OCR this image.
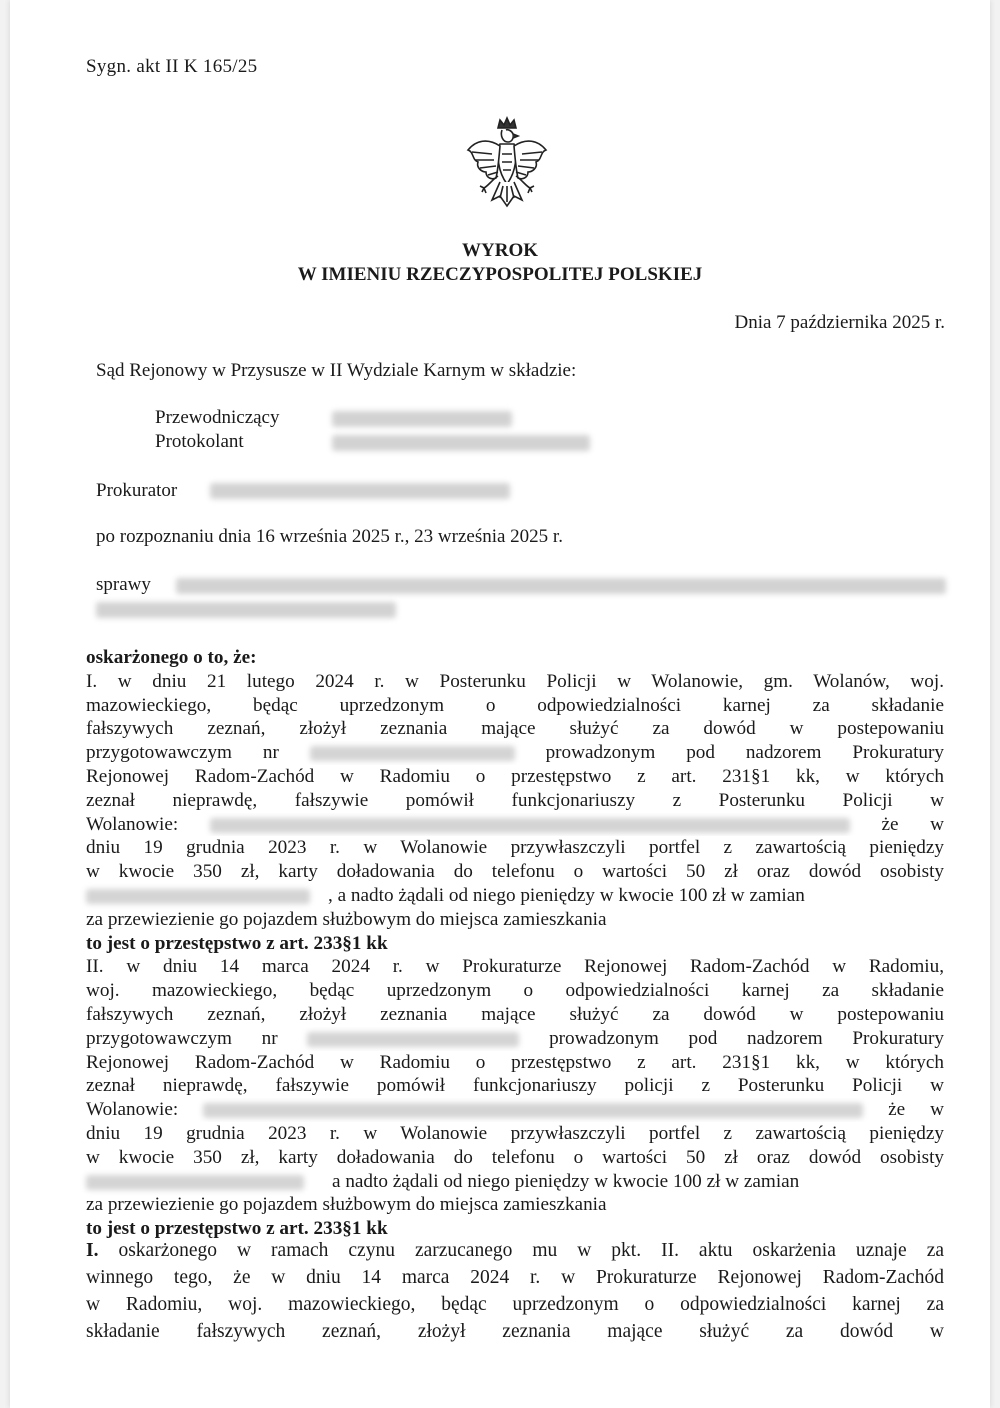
Sygn. akt II K 165/25
WYROK
W IMIENIU RZECZYPOSPOLITEJ POLSKIEJ
Dnia 7 października 2025 r.
Sąd Rejonowy w Przysusze w II Wydziale Karnym w składzie:
Przewodniczący
Protokolant
Prokurator
po rozpoznaniu dnia 16 września 2025 r., 23 września 2025 r.
sprawy
oskarżonego o to, że:
I. w dniu 21 lutego 2024 r. w Posterunku Policji w Wolanowie, gm. Wolanów, woj.
mazowieckiego, będąc uprzedzonym o odpowiedzialności karnej za składanie
fałszywych zeznań, złożył zeznania mające służyć za dowód w postepowaniu
przygotowawczym nr	prowadzonym pod nadzorem Prokuratury
Rejonowej Radom-Zachód w Radomiu o przestępstwo z art. 231§1 kk, w których
zeznał nieprawdę, fałszywie pomówił funkcjonariuszy z Posterunku Policji w
Wolanowie:	że w
dniu 19 grudnia 2023 r. w Wolanowie przywłaszczyli portfel z zawartością pieniędzy
w kwocie 350 zł, karty doładowania do telefonu o wartości 50 zł oraz dowód osobisty
, a nadto żądali od niego pieniędzy w kwocie 100 zł w zamian
za przewiezienie go pojazdem służbowym do miejsca zamieszkania
to jest o przestępstwo z art. 233§1 kk
II. w dniu 14 marca 2024 r. w Prokuraturze Rejonowej Radom-Zachód w Radomiu,
woj. mazowieckiego, będąc uprzedzonym o odpowiedzialności karnej za składanie
fałszywych zeznań, złożył zeznania mające służyć za dowód w postepowaniu
przygotowawczym nr	prowadzonym pod nadzorem Prokuratury
Rejonowej Radom-Zachód w Radomiu o przestępstwo z art. 231§1 kk, w których
zeznał nieprawdę, fałszywie pomówił funkcjonariuszy policji z Posterunku Policji w
Wolanowie:	że w
dniu 19 grudnia 2023 r. w Wolanowie przywłaszczyli portfel z zawartością pieniędzy
w kwocie 350 zł, karty doładowania do telefonu o wartości 50 zł oraz dowód osobisty
a nadto żądali od niego pieniędzy w kwocie 100 zł w zamian
za przewiezienie go pojazdem służbowym do miejsca zamieszkania
to jest o przestępstwo z art. 233§1 kk
I. oskarżonego w ramach czynu zarzucanego mu w pkt. II. aktu oskarżenia uznaje za
winnego tego, że w dniu 14 marca 2024 r. w Prokuraturze Rejonowej Radom-Zachód
w Radomiu, woj. mazowieckiego, będąc uprzedzonym o odpowiedzialności karnej za
składanie fałszywych zeznań, złożył zeznania mające służyć za dowód w
